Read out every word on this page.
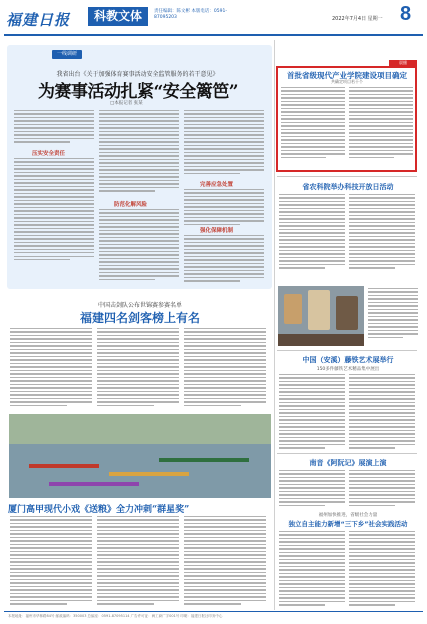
福建日报	科教文体	责任编辑：陈文彬 本版电话：0591-87095203	2022年7月4日 星期一 8
一线调研
我省出台《关于加强体育赛事活动安全监管服务的若干意见》
为赛事活动扎紧“安全篱笆”
□本报记者 张某
压实安全责任
防范化解风险
完善应急处置
强化保障机制
晨播
首批省级现代产业学院建设项目确定
共确定项目若干个
省农科院举办科技开放日活动
中国（安溪）藤铁艺术展举行
150多件藤铁艺术精品集中展出
南音《阿阮记》展演上演
福州加快推进，省级社会力量
独立自主能力新增“三下乡”社会实践活动
中国击剑队公布世锦赛参赛名单
福建四名剑客榜上有名
厦门高甲现代小戏《送粮》全力冲刺“群星奖”
本报地址：福州市华林路84号 邮政编码：350003 总编室：0591-87095114 广告许可证：闽工商广字001号 印刷：福建日报社印务中心
